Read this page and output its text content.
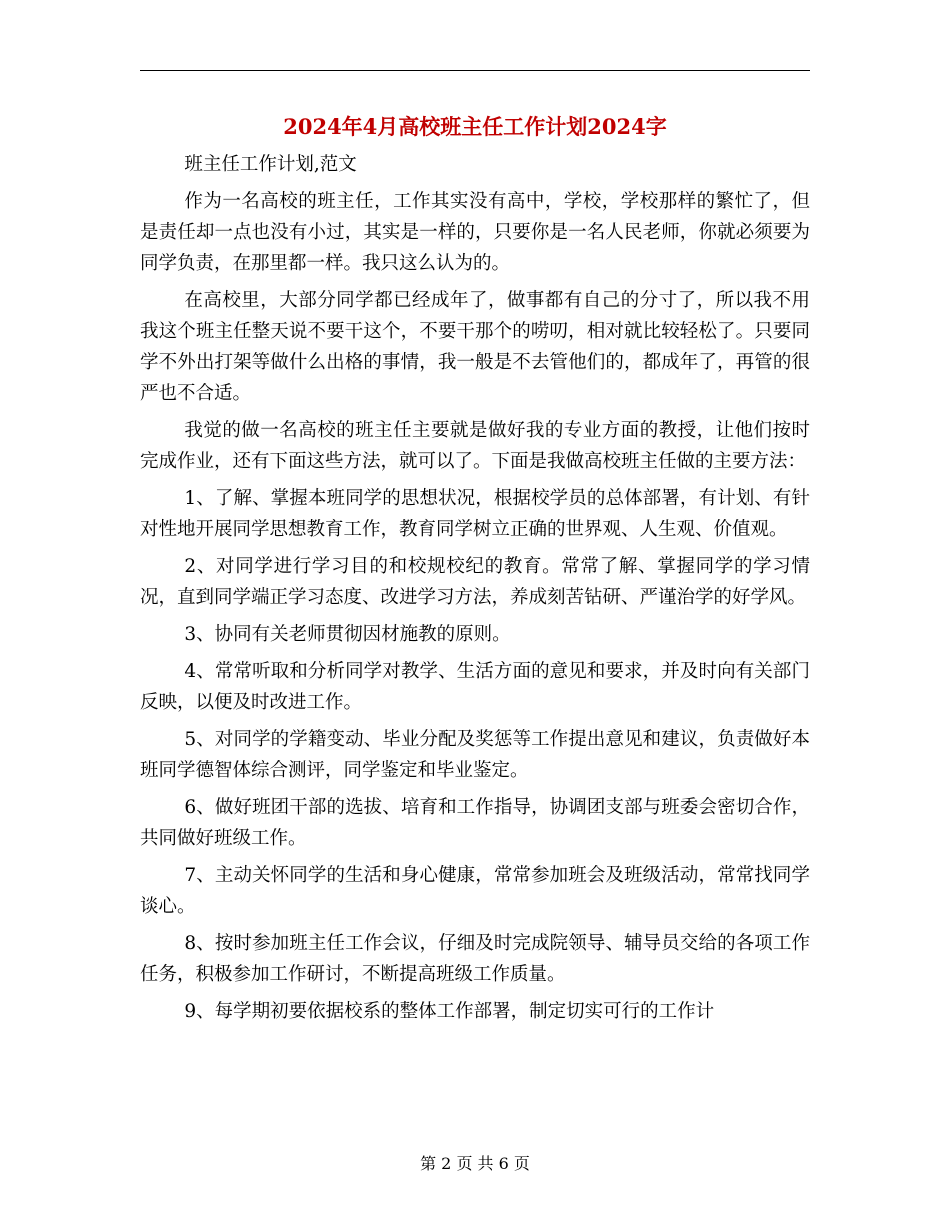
2024年4月高校班主任工作计划2024字

班主任工作计划,范文

作为一名高校的班主任，工作其实没有高中，学校，学校那样的繁忙了，但是责任却一点也没有小过，其实是一样的，只要你是一名人民老师，你就必须要为同学负责，在那里都一样。我只这么认为的。

在高校里，大部分同学都已经成年了，做事都有自己的分寸了，所以我不用我这个班主任整天说不要干这个，不要干那个的唠叨，相对就比较轻松了。只要同学不外出打架等做什么出格的事情，我一般是不去管他们的，都成年了，再管的很严也不合适。

我觉的做一名高校的班主任主要就是做好我的专业方面的教授，让他们按时完成作业，还有下面这些方法，就可以了。下面是我做高校班主任做的主要方法：

1、了解、掌握本班同学的思想状况，根据校学员的总体部署，有计划、有针对性地开展同学思想教育工作，教育同学树立正确的世界观、人生观、价值观。

2、对同学进行学习目的和校规校纪的教育。常常了解、掌握同学的学习情况，直到同学端正学习态度、改进学习方法，养成刻苦钻研、严谨治学的好学风。

3、协同有关老师贯彻因材施教的原则。

4、常常听取和分析同学对教学、生活方面的意见和要求，并及时向有关部门反映，以便及时改进工作。

5、对同学的学籍变动、毕业分配及奖惩等工作提出意见和建议，负责做好本班同学德智体综合测评，同学鉴定和毕业鉴定。

6、做好班团干部的选拔、培育和工作指导，协调团支部与班委会密切合作，共同做好班级工作。

7、主动关怀同学的生活和身心健康，常常参加班会及班级活动，常常找同学谈心。

8、按时参加班主任工作会议，仔细及时完成院领导、辅导员交给的各项工作任务，积极参加工作研讨，不断提高班级工作质量。

9、每学期初要依据校系的整体工作部署，制定切实可行的工作计

第 2 页 共 6 页
